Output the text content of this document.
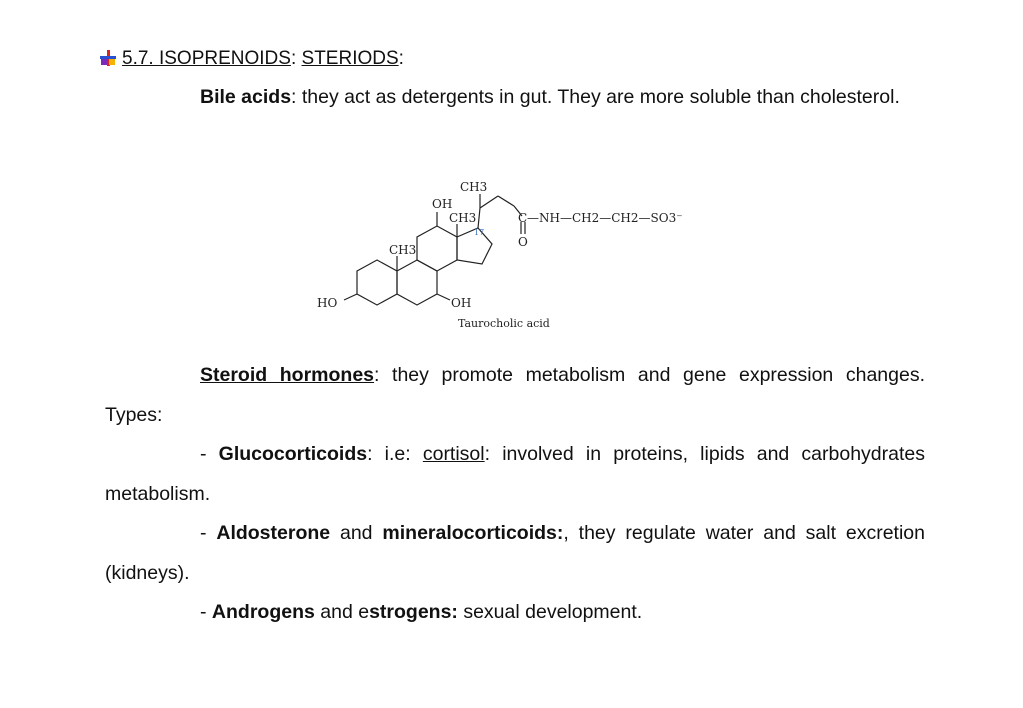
5.7. ISOPRENOIDS: STERIODS:

Bile acids: they act as detergents in gut. They are more soluble than cholesterol.

CH3
OH
CH3
17
CH3
HO	OH
C
O
—NH—CH2—CH2—SO3⁻
Taurocholic acid

Steroid hormones: they promote metabolism and gene expression changes. Types:

- Glucocorticoids: i.e: cortisol: involved in proteins, lipids and carbohydrates metabolism.

- Aldosterone and mineralocorticoids:, they regulate water and salt excretion (kidneys).

- Androgens and estrogens: sexual development.
